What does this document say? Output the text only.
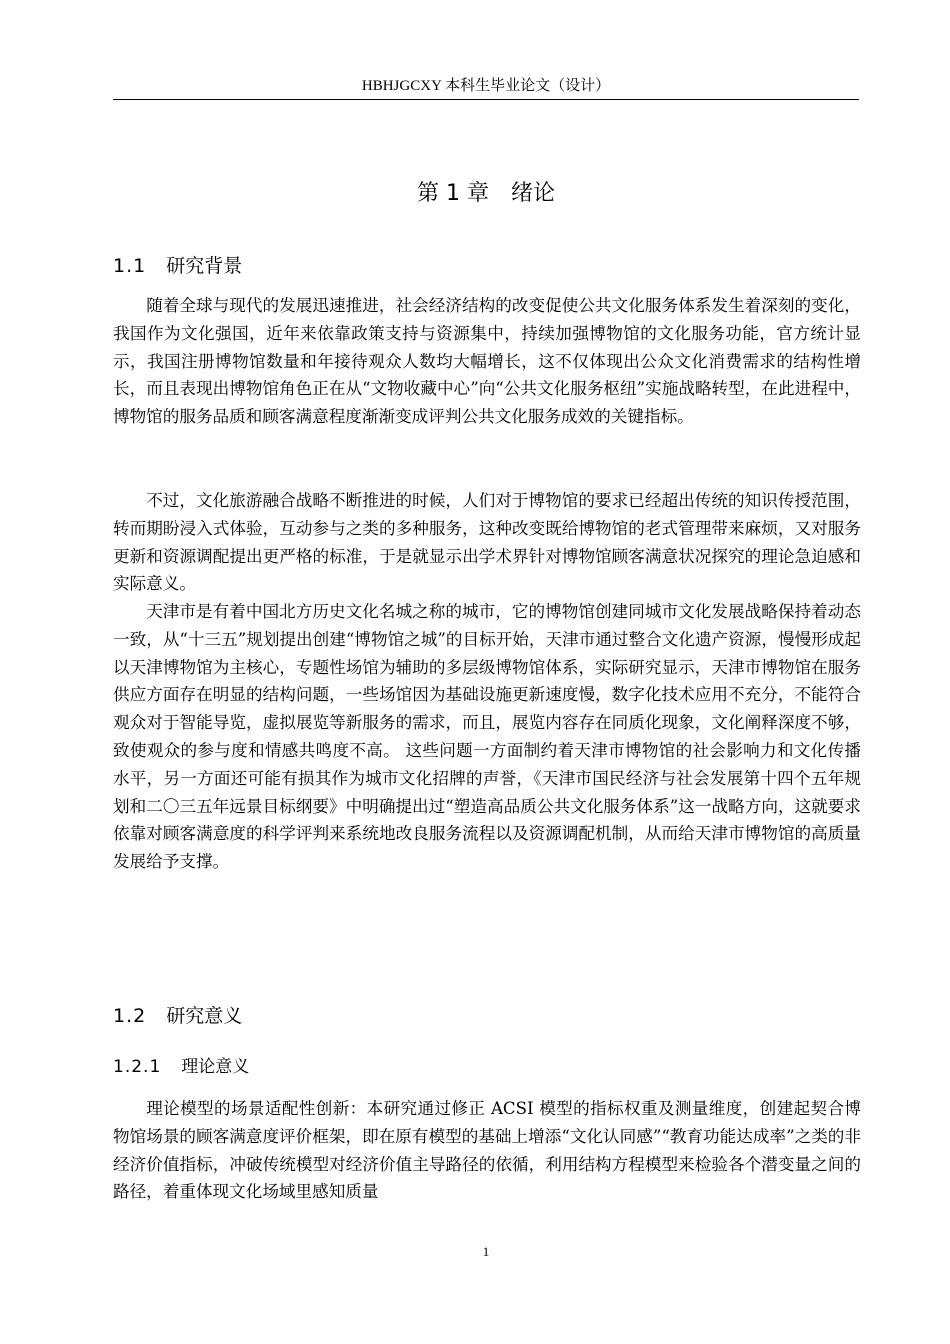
HBHJGCXY 本科生毕业论文（设计）
第 1 章 绪论
1.1 研究背景

随着全球与现代的发展迅速推进，社会经济结构的改变促使公共文化服务体系发生着深刻的变化，我国作为文化强国，近年来依靠政策支持与资源集中，持续加强博物馆的文化服务功能，官方统计显示，我国注册博物馆数量和年接待观众人数均大幅增长，这不仅体现出公众文化消费需求的结构性增长，而且表现出博物馆角色正在从“文物收藏中心”向“公共文化服务枢纽”实施战略转型，在此进程中，博物馆的服务品质和顾客满意程度渐渐变成评判公共文化服务成效的关键指标。

不过，文化旅游融合战略不断推进的时候，人们对于博物馆的要求已经超出传统的知识传授范围，转而期盼浸入式体验，互动参与之类的多种服务，这种改变既给博物馆的老式管理带来麻烦，又对服务更新和资源调配提出更严格的标准，于是就显示出学术界针对博物馆顾客满意状况探究的理论急迫感和实际意义。

天津市是有着中国北方历史文化名城之称的城市，它的博物馆创建同城市文化发展战略保持着动态一致，从“十三五”规划提出创建“博物馆之城”的目标开始，天津市通过整合文化遗产资源，慢慢形成起以天津博物馆为主核心，专题性场馆为辅助的多层级博物馆体系，实际研究显示，天津市博物馆在服务供应方面存在明显的结构问题，一些场馆因为基础设施更新速度慢，数字化技术应用不充分，不能符合观众对于智能导览，虚拟展览等新服务的需求，而且，展览内容存在同质化现象，文化阐释深度不够，致使观众的参与度和情感共鸣度不高。 这些问题一方面制约着天津市博物馆的社会影响力和文化传播水平，另一方面还可能有损其作为城市文化招牌的声誉，《天津市国民经济与社会发展第十四个五年规划和二〇三五年远景目标纲要》中明确提出过“塑造高品质公共文化服务体系”这一战略方向，这就要求依靠对顾客满意度的科学评判来系统地改良服务流程以及资源调配机制，从而给天津市博物馆的高质量发展给予支撑。

1.2 研究意义
1.2.1 理论意义

理论模型的场景适配性创新：本研究通过修正 ACSI 模型的指标权重及测量维度，创建起契合博物馆场景的顾客满意度评价框架，即在原有模型的基础上增添“文化认同感”“教育功能达成率”之类的非经济价值指标，冲破传统模型对经济价值主导路径的依循，利用结构方程模型来检验各个潜变量之间的路径，着重体现文化场域里感知质量

1
